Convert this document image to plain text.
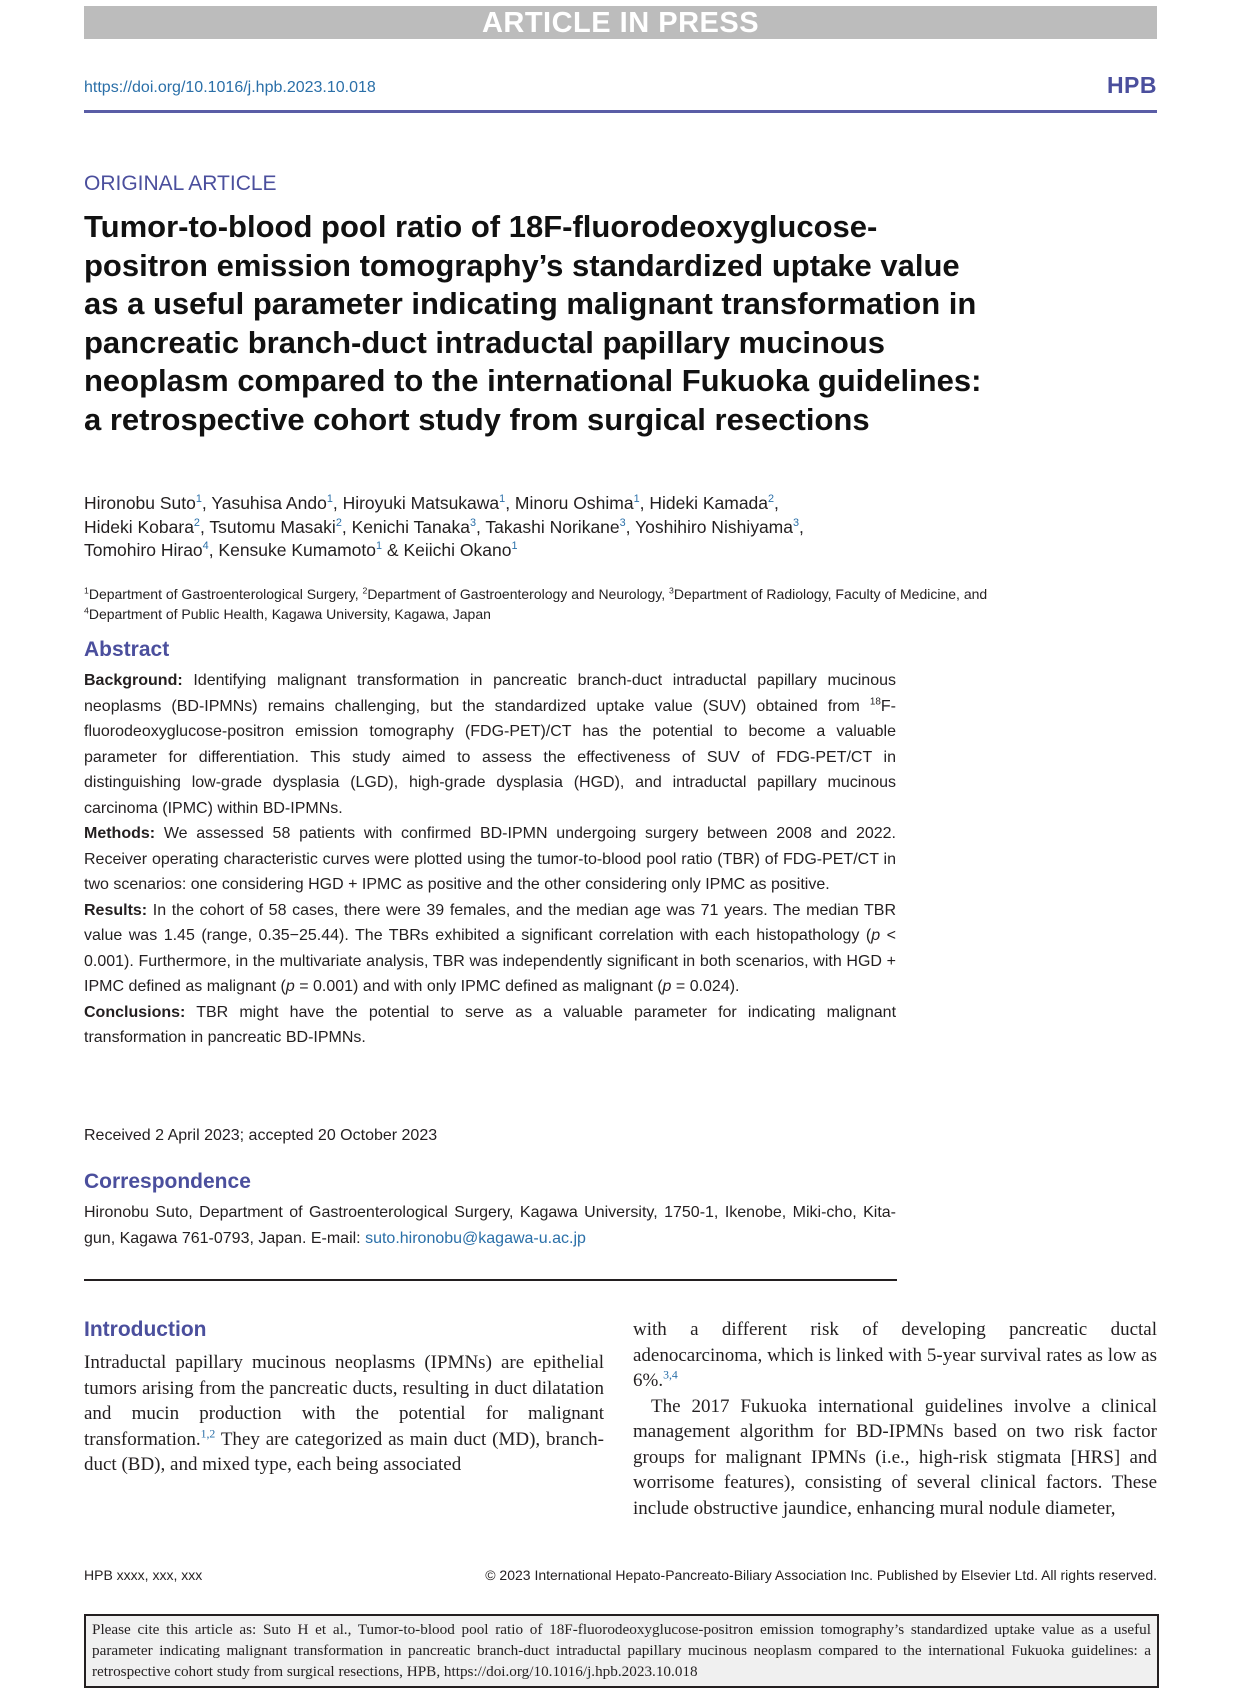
ARTICLE IN PRESS
https://doi.org/10.1016/j.hpb.2023.10.018	HPB
ORIGINAL ARTICLE
Tumor-to-blood pool ratio of 18F-fluorodeoxyglucose-positron emission tomography’s standardized uptake value as a useful parameter indicating malignant transformation in pancreatic branch-duct intraductal papillary mucinous neoplasm compared to the international Fukuoka guidelines: a retrospective cohort study from surgical resections
Hironobu Suto$^1$, Yasuhisa Ando$^1$, Hiroyuki Matsukawa$^1$, Minoru Oshima$^1$, Hideki Kamada$^2$,
Hideki Kobara$^2$, Tsutomu Masaki$^2$, Kenichi Tanaka$^3$, Takashi Norikane$^3$, Yoshihiro Nishiyama$^3$,
Tomohiro Hirao$^4$, Kensuke Kumamoto$^1$ & Keiichi Okano$^1$
$^1$Department of Gastroenterological Surgery, $^2$Department of Gastroenterology and Neurology, $^3$Department of Radiology, Faculty of Medicine, and $^4$Department of Public Health, Kagawa University, Kagawa, Japan
Abstract

Background: Identifying malignant transformation in pancreatic branch-duct intraductal papillary mucinous neoplasms (BD-IPMNs) remains challenging, but the standardized uptake value (SUV) obtained from $^{18}$F-fluorodeoxyglucose-positron emission tomography (FDG-PET)/CT has the potential to become a valuable parameter for differentiation. This study aimed to assess the effectiveness of SUV of FDG-PET/CT in distinguishing low-grade dysplasia (LGD), high-grade dysplasia (HGD), and intraductal papillary mucinous carcinoma (IPMC) within BD-IPMNs.

Methods: We assessed 58 patients with confirmed BD-IPMN undergoing surgery between 2008 and 2022. Receiver operating characteristic curves were plotted using the tumor-to-blood pool ratio (TBR) of FDG-PET/CT in two scenarios: one considering HGD + IPMC as positive and the other considering only IPMC as positive.

Results: In the cohort of 58 cases, there were 39 females, and the median age was 71 years. The median TBR value was 1.45 (range, 0.35−25.44). The TBRs exhibited a significant correlation with each histopathology (p < 0.001). Furthermore, in the multivariate analysis, TBR was independently significant in both scenarios, with HGD + IPMC defined as malignant (p = 0.001) and with only IPMC defined as malignant (p = 0.024).

Conclusions: TBR might have the potential to serve as a valuable parameter for indicating malignant transformation in pancreatic BD-IPMNs.

Received 2 April 2023; accepted 20 October 2023
Correspondence
Hironobu Suto, Department of Gastroenterological Surgery, Kagawa University, 1750-1, Ikenobe, Miki-cho, Kita-gun, Kagawa 761-0793, Japan. E-mail: suto.hironobu@kagawa-u.ac.jp
Introduction
Intraductal papillary mucinous neoplasms (IPMNs) are epithelial tumors arising from the pancreatic ducts, resulting in duct dilatation and mucin production with the potential for malignant transformation.$^{1,2}$ They are categorized as main duct (MD), branch-duct (BD), and mixed type, each being associated
with a different risk of developing pancreatic ductal adenocarcinoma, which is linked with 5-year survival rates as low as 6%.$^{3,4}$
The 2017 Fukuoka international guidelines involve a clinical management algorithm for BD-IPMNs based on two risk factor groups for malignant IPMNs (i.e., high-risk stigmata [HRS] and worrisome features), consisting of several clinical factors. These include obstructive jaundice, enhancing mural nodule diameter,
HPB xxxx, xxx, xxx	© 2023 International Hepato-Pancreato-Biliary Association Inc. Published by Elsevier Ltd. All rights reserved.
Please cite this article as: Suto H et al., Tumor-to-blood pool ratio of 18F-fluorodeoxyglucose-positron emission tomography’s standardized uptake value as a useful parameter indicating malignant transformation in pancreatic branch-duct intraductal papillary mucinous neoplasm compared to the international Fukuoka guidelines: a retrospective cohort study from surgical resections, HPB, https://doi.org/10.1016/j.hpb.2023.10.018
